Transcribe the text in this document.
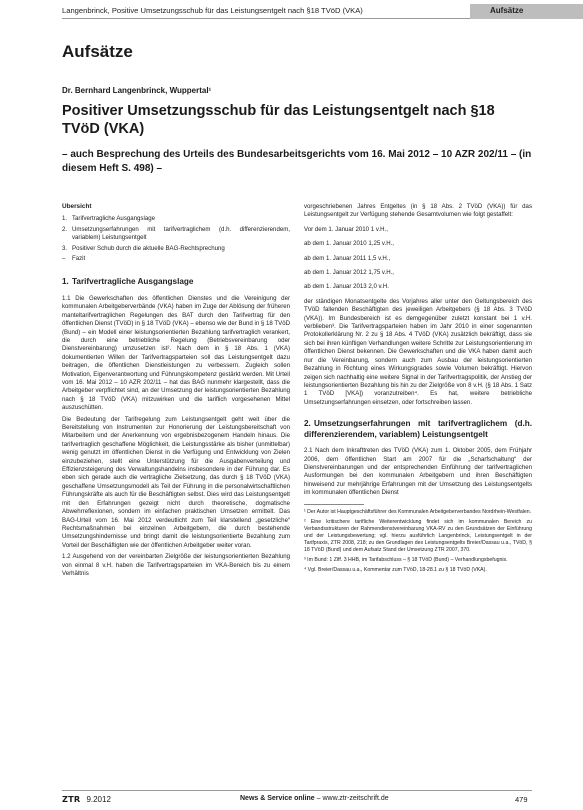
Langenbrinck, Positive Umsetzungsschub für das Leistungsentgelt nach §18 TVöD (VKA)	Aufsätze
Aufsätze
Dr. Bernhard Langenbrinck, Wuppertal¹
Positiver Umsetzungsschub für das Leistungsentgelt nach §18 TVöD (VKA)
– auch Besprechung des Urteils des Bundesarbeitsgerichts vom 16. Mai 2012 – 10 AZR 202/11 – (in diesem Heft S. 498) –
Übersicht
1. Tarifvertragliche Ausgangslage
2. Umsetzungserfahrungen mit tarifvertraglichem (d.h. differenzierendem, variablem) Leistungsentgelt
3. Positiver Schub durch die aktuelle BAG-Rechtsprechung
– Fazit
1. Tarifvertragliche Ausgangslage

1.1 Die Gewerkschaften des öffentlichen Dienstes und die Vereinigung der kommunalen Arbeitgeberverbände (VKA) haben im Zuge der Ablösung der früheren manteltarifvertraglichen Regelungen des BAT durch den Tarifvertrag für den öffentlichen Dienst (TVöD) in § 18 TVöD (VKA) – ebenso wie der Bund in § 18 TVöD (Bund) – ein Modell einer leistungsorientierten Bezahlung tarifvertraglich verankert, die durch eine betriebliche Regelung (Betriebsvereinbarung oder Dienstvereinbarung) umzusetzen ist². Nach dem in § 18 Abs. 1 (VKA) dokumentierten Willen der Tarifvertragsparteien soll das Leistungsentgelt dazu beitragen, die öffentlichen Dienstleistungen zu verbessern. Zugleich sollen Motivation, Eigenverantwortung und Führungskompetenz gestärkt werden. Mit Urteil vom 16. Mai 2012 – 10 AZR 202/11 – hat das BAG nunmehr klargestellt, dass die Arbeitgeber verpflichtet sind, an der Umsetzung der leistungsorientierten Bezahlung nach § 18 TVöD (VKA) mitzuwirken und die tariflich vorgesehenen Mittel auszuschütten.

Die Bedeutung der Tarifregelung zum Leistungsentgelt geht weit über die Bereitstellung von Instrumenten zur Honorierung der Leistungsbereitschaft von Mitarbeitern und der Anerkennung von ergebnisbezogenem Handeln hinaus. Die tarifvertraglich geschaffene Möglichkeit, die Leistungsstärke als bisher (unmittelbar) wenig genutzt im öffentlichen Dienst in die Verfügung und Entwicklung von Zielen einzubeziehen, stellt eine Unterstützung für die Ausgabenverteilung und Effizienzsteigerung des Verwaltungshandelns insbesondere in der Führung dar. Es eben sich gerade auch die vertragliche Zielsetzung, das durch § 18 TVöD (VKA) geschaffene Umsetzungsmodell als Teil der Führung in die personalwirtschaftlichen Führungskräfte als auch für die Beschäftigten selbst. Dies wird das Leistungsentgelt mit den Erfahrungen gezeigt nicht durch theoretische, dogmatische Abwehrreflexionen, sondern im einfachen praktischen Umsetzen ermittelt. Das BAG-Urteil vom 16. Mai 2012 verdeutlicht zum Teil klarstellend „gesetzliche“ Rechtsmaßnahmen bei einzelnen Arbeitgebern, die durch bestehende Umsetzungshindernisse und bringt damit die leistungsorientierte Bezahlung zum Vorteil der Beschäftigten wie der öffentlichen Arbeitgeber weiter voran.

1.2 Ausgehend von der vereinbarten Zielgröße der leistungsorientierten Bezahlung von einmal 8 v.H. haben die Tarifvertragsparteien im VKA-Bereich bis zu einem Verhältnis

vorgeschriebenen Jahres Entgeltes (in § 18 Abs. 2 TVöD (VKA)) für das Leistungsentgelt zur Verfügung stehende Gesamtvolumen wie folgt gestaffelt:

Vor dem 1. Januar 2010 1 v.H.,

ab dem 1. Januar 2010 1,25 v.H.,

ab dem 1. Januar 2011 1,5 v.H.,

ab dem 1. Januar 2012 1,75 v.H.,

ab dem 1. Januar 2013 2,0 v.H.

der ständigen Monatsentgelte des Vorjahres aller unter den Geltungsbereich des TVöD fallenden Beschäftigten des jeweiligen Arbeitgebers (§ 18 Abs. 3 TVöD (VKA)). Im Bundesbereich ist es demgegenüber zuletzt konstant bei 1 v.H. verblieben³. Die Tarifvertragsparteien haben im Jahr 2010 in einer sogenannten Protokollerklärung Nr. 2 zu § 18 Abs. 4 TVöD (VKA) zusätzlich bekräftigt, dass sie sich bei ihren künftigen Verhandlungen weitere Schritte zur Leistungsorientierung im öffentlichen Dienst bekennen. Die Gewerkschaften und die VKA haben damit auch nur die Vereinbarung, sondern auch zum Ausbau der leistungsorientierten Bezahlung in Richtung eines Wirkungsgrades sowie Volumen bekräftigt. Hiervon zeigen sich nachhaltig eine weitere Signal in der Tarifvertragspolitik, der Anstieg der leistungsorientierten Bezahlung bis hin zu der Zielgröße von 8 v.H. (§ 18 Abs. 1 Satz 1 TVöD [VKA]) voranzutreiben⁴. Es hat, weitere betriebliche Umsetzungserfahrungen einsetzen, oder fortschreiben lassen.

2. Umsetzungserfahrungen mit tarifvertraglichem (d.h. differenzierendem, variablem) Leistungsentgelt

2.1 Nach dem Inkrafttreten des TVöD (VKA) zum 1. Oktober 2005, dem Frühjahr 2006, dem öffentlichen Start am 2007 für die „Scharfschaltung“ der Dienstvereinbarungen und der entsprechenden Einführung der tarifvertraglichen Ausformungen bei den kommunalen Arbeitgebern und ihren Beschäftigten hinweisend zur mehrjährige Erfahrungen mit der Umsetzung des Leistungsentgelts im kommunalen öffentlichen Dienst

¹ Der Autor ist Hauptgeschäftsführer des Kommunalen Arbeitgeberverbandes Nordrhein-Westfalen.

² Eine kritischere tarifliche Weiterentwicklung findet sich im kommunalen Bereich zu Verbandsstrukturen der Rahmendienstvereinbarung VKA-RV zu den Grundsätzen der Einführung und der Leistungsbewertung; vgl. hierzu ausführlich Langenbrinck, Leistungsentgelt in der Tarifpraxis, ZTR 2008, 218; zu den Grundlagen des Leistungsentgelts Breier/Dassau u.a., TVöD, § 18 TVöD (Bund) und dem Aufsatz Stand der Umsetzung ZTR 2007, 370.

³ Im Bund: 1 Ziff. 3 HHB, im Tarifabschluss – § 18 TVöD (Bund) – Verhandlungsbefugnis.

⁴ Vgl. Breier/Dassau u.a., Kommentar zum TVöD, 18-28.1 zu § 18 TVöD (VKA).

ZTR 9.2012	News & Service online – www.ztr-zeitschrift.de	479
